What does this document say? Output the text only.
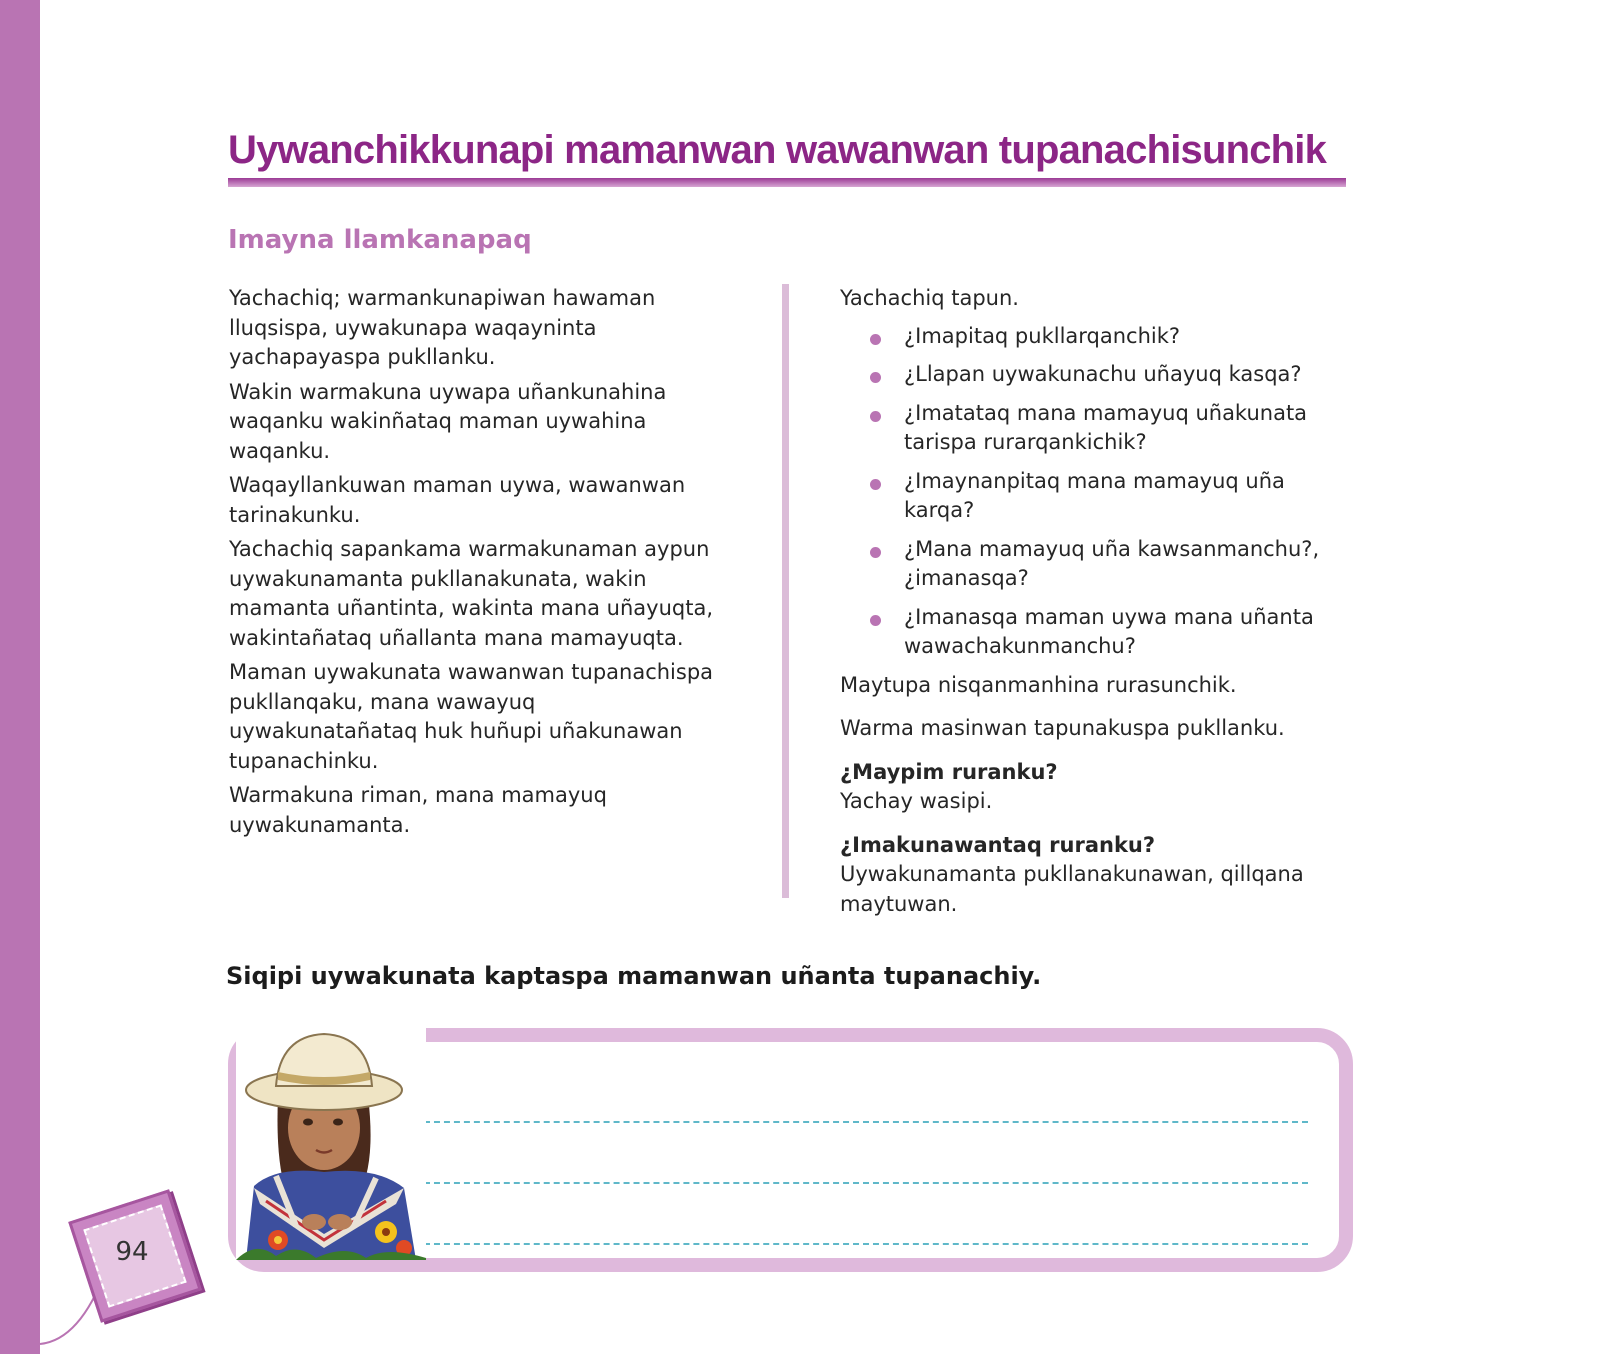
Uywanchikkunapi mamanwan wawanwan tupanachisunchik
Imayna llamkanapaq

Yachachiq; warmankunapiwan hawaman lluqsispa, uywakunapa waqayninta yachapayaspa pukllanku.

Wakin warmakuna uywapa uñankunahina waqanku wakinñataq maman uywahina waqanku.

Waqayllankuwan maman uywa, wawanwan tarinakunku.

Yachachiq sapankama warmakunaman aypun uywakunamanta pukllanakunata, wakin mamanta uñantinta, wakinta mana uñayuqta, wakintañataq uñallanta mana mamayuqta.

Maman uywakunata wawanwan tupanachispa pukllanqaku, mana wawayuq uywakunatañataq huk huñupi uñakunawan tupanachinku.

Warmakuna riman, mana mamayuq uywakunamanta.

Yachachiq tapun.

¿Imapitaq pukllarqanchik?
¿Llapan uywakunachu uñayuq kasqa?
¿Imatataq mana mamayuq uñakunata tarispa rurarqankichik?
¿Imaynanpitaq mana mamayuq uña karqa?
¿Mana mamayuq uña kawsanmanchu?, ¿imanasqa?
¿Imanasqa maman uywa mana uñanta wawachakunmanchu?

Maytupa nisqanmanhina rurasunchik.

Warma masinwan tapunakuspa pukllanku.

¿Maypim ruranku?

Yachay wasipi.

¿Imakunawantaq ruranku?

Uywakunamanta pukllanakunawan, qillqana maytuwan.

Siqipi uywakunata kaptaspa mamanwan uñanta tupanachiy.

94
